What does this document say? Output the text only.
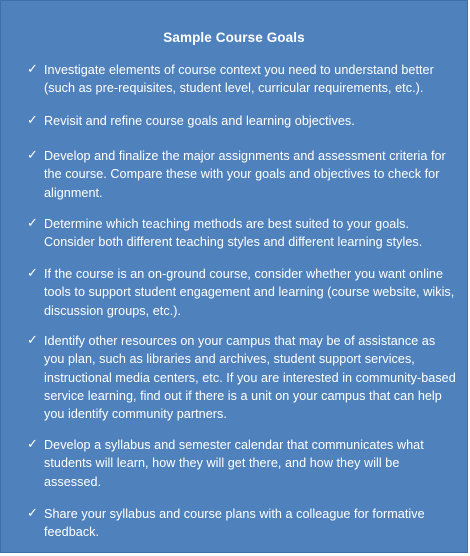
Sample Course Goals
✓ Investigate elements of course context you need to understand better (such as pre-requisites, student level, curricular requirements, etc.).
✓ Revisit and refine course goals and learning objectives.
✓ Develop and finalize the major assignments and assessment criteria for the course. Compare these with your goals and objectives to check for alignment.
✓ Determine which teaching methods are best suited to your goals. Consider both different teaching styles and different learning styles.
✓ If the course is an on-ground course, consider whether you want online tools to support student engagement and learning (course website, wikis, discussion groups, etc.).
✓ Identify other resources on your campus that may be of assistance as you plan, such as libraries and archives, student support services, instructional media centers, etc. If you are interested in community-based service learning, find out if there is a unit on your campus that can help you identify community partners.
✓ Develop a syllabus and semester calendar that communicates what students will learn, how they will get there, and how they will be assessed.
✓ Share your syllabus and course plans with a colleague for formative feedback.
